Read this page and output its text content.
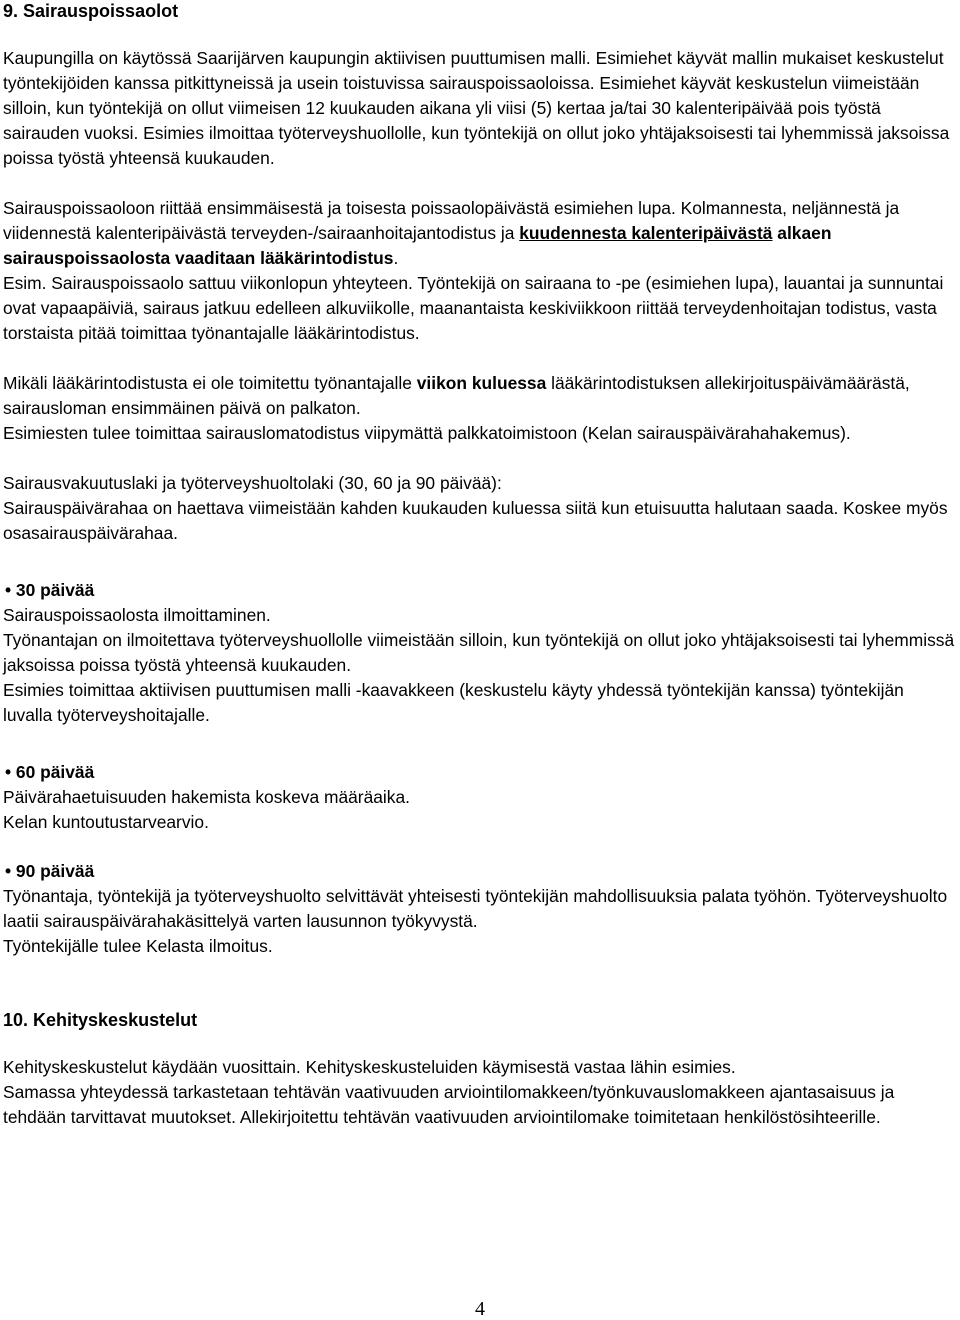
9. Sairauspoissaolot

Kaupungilla on käytössä Saarijärven kaupungin aktiivisen puuttumisen malli. Esimiehet käyvät mallin mukaiset keskustelut työntekijöiden kanssa pitkittyneissä ja usein toistuvissa sairauspoissaoloissa. Esimiehet käyvät keskustelun viimeistään silloin, kun työntekijä on ollut viimeisen 12 kuukauden aikana yli viisi (5) kertaa ja/tai 30 kalenteripäivää pois työstä sairauden vuoksi. Esimies ilmoittaa työterveyshuollolle, kun työntekijä on ollut joko yhtäjaksoisesti tai lyhemmissä jaksoissa poissa työstä yhteensä kuukauden.

Sairauspoissaoloon riittää ensimmäisestä ja toisesta poissaolopäivästä esimiehen lupa. Kolmannesta, neljännestä ja viidennestä kalenteripäivästä terveyden-/sairaanhoitajantodistus ja kuudennesta kalenteripäivästä alkaen sairauspoissaolosta vaaditaan lääkärintodistus.

Esim. Sairauspoissaolo sattuu viikonlopun yhteyteen. Työntekijä on sairaana to -pe (esimiehen lupa), lauantai ja sunnuntai ovat vapaapäiviä, sairaus jatkuu edelleen alkuviikolle, maanantaista keskiviikkoon riittää terveydenhoitajan todistus, vasta torstaista pitää toimittaa työnantajalle lääkärintodistus.

Mikäli lääkärintodistusta ei ole toimitettu työnantajalle viikon kuluessa lääkärintodistuksen allekirjoituspäivämäärästä, sairausloman ensimmäinen päivä on palkaton.

Esimiesten tulee toimittaa sairauslomatodistus viipymättä palkkatoimistoon (Kelan sairauspäivärahahakemus).

Sairausvakuutuslaki ja työterveyshuoltolaki (30, 60 ja 90 päivää):

Sairauspäivärahaa on haettava viimeistään kahden kuukauden kuluessa siitä kun etuisuutta halutaan saada. Koskee myös osasairauspäivärahaa.

• 30 päivää

Sairauspoissaolosta ilmoittaminen.

Työnantajan on ilmoitettava työterveyshuollolle viimeistään silloin, kun työntekijä on ollut joko yhtäjaksoisesti tai lyhemmissä jaksoissa poissa työstä yhteensä kuukauden.

Esimies toimittaa aktiivisen puuttumisen malli -kaavakkeen (keskustelu käyty yhdessä työntekijän kanssa) työntekijän luvalla työterveyshoitajalle.

• 60 päivää

Päivärahaetuisuuden hakemista koskeva määräaika.

Kelan kuntoutustarvearvio.

• 90 päivää

Työnantaja, työntekijä ja työterveyshuolto selvittävät yhteisesti työntekijän mahdollisuuksia palata työhön. Työterveyshuolto laatii sairauspäivärahakäsittelyä varten lausunnon työkyvystä.

Työntekijälle tulee Kelasta ilmoitus.

10. Kehityskeskustelut

Kehityskeskustelut käydään vuosittain. Kehityskeskusteluiden käymisestä vastaa lähin esimies.

Samassa yhteydessä tarkastetaan tehtävän vaativuuden arviointilomakkeen/työnkuvauslomakkeen ajantasaisuus ja tehdään tarvittavat muutokset. Allekirjoitettu tehtävän vaativuuden arviointilomake toimitetaan henkilöstösihteerille.

4
